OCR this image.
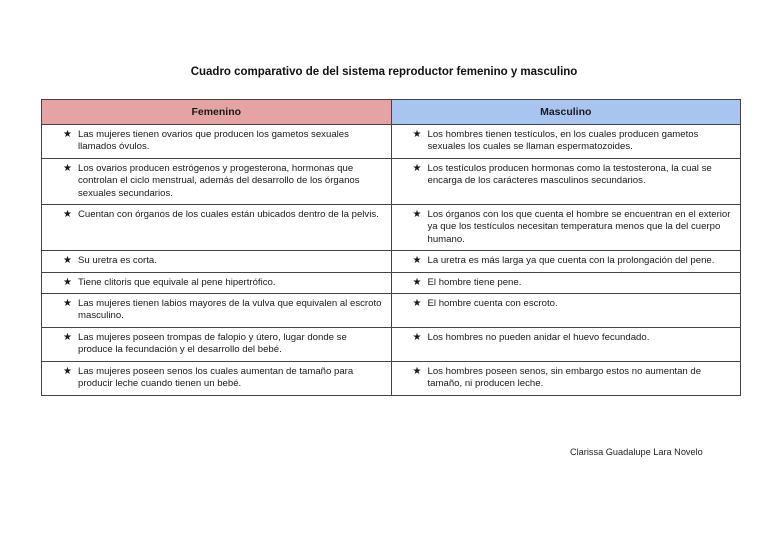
Cuadro comparativo de del sistema reproductor femenino y masculino
Femenino	Masculino

★ Las mujeres tienen ovarios que producen los gametos sexuales llamados óvulos.	★ Los hombres tienen testículos, en los cuales producen gametos sexuales los cuales se llaman espermatozoides.

★ Los ovarios producen estrógenos y progesterona, hormonas que controlan el ciclo menstrual, además del desarrollo de los órganos sexuales secundarios.	★ Los testículos producen hormonas como la testosterona, la cual se encarga de los carácteres masculinos secundarios.

★ Cuentan con órganos de los cuales están ubicados dentro de la pelvis.	★ Los órganos con los que cuenta el hombre se encuentran en el exterior ya que los testículos necesitan temperatura menos que la del cuerpo humano.

★ Su uretra es corta.	★ La uretra es más larga ya que cuenta con la prolongación del pene.

★ Tiene clitoris que equivale al pene hipertrófico.	★ El hombre tiene pene.

★ Las mujeres tienen labios mayores de la vulva que equivalen al escroto masculino.	★ El hombre cuenta con escroto.

★ Las mujeres poseen trompas de falopio y útero, lugar donde se produce la fecundación y el desarrollo del bebé.	★ Los hombres no pueden anidar el huevo fecundado.

★ Las mujeres poseen senos los cuales aumentan de tamaño para producir leche cuando tienen un bebé.	★ Los hombres poseen senos, sin embargo estos no aumentan de tamaño, ni producen leche.
Clarissa Guadalupe Lara Novelo
